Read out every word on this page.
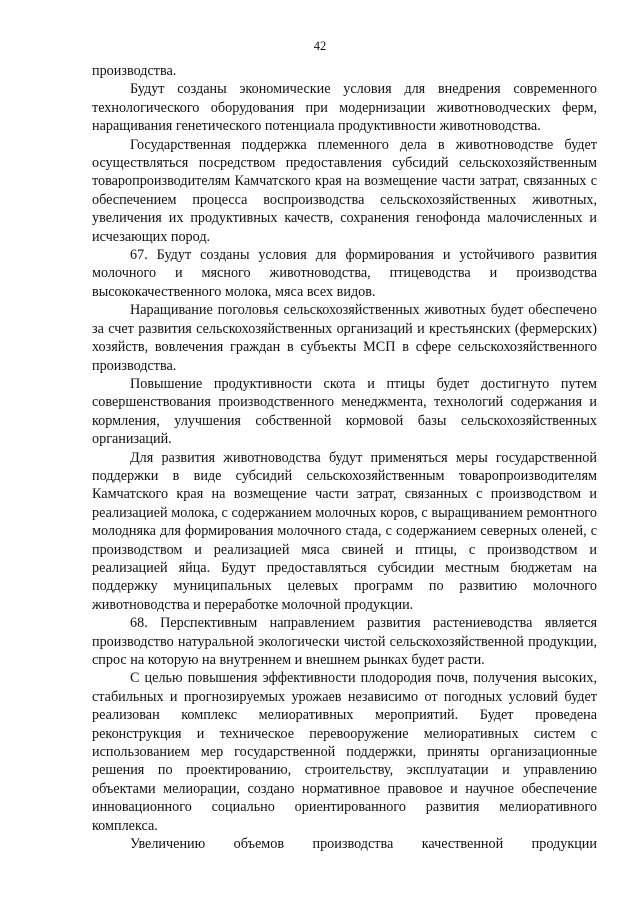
42

производства.

Будут созданы экономические условия для внедрения современного технологического оборудования при модернизации животноводческих ферм, наращивания генетического потенциала продуктивности животноводства.

Государственная поддержка племенного дела в животноводстве будет осуществляться посредством предоставления субсидий сельскохозяйственным товаропроизводителям Камчатского края на возмещение части затрат, связанных с обеспечением процесса воспроизводства сельскохозяйственных животных, увеличения их продуктивных качеств, сохранения генофонда малочисленных и исчезающих пород.

67. Будут созданы условия для формирования и устойчивого развития молочного и мясного животноводства, птицеводства и производства высококачественного молока, мяса всех видов.

Наращивание поголовья сельскохозяйственных животных будет обеспечено за счет развития сельскохозяйственных организаций и крестьянских (фермерских) хозяйств, вовлечения граждан в субъекты МСП в сфере сельскохозяйственного производства.

Повышение продуктивности скота и птицы будет достигнуто путем совершенствования производственного менеджмента, технологий содержания и кормления, улучшения собственной кормовой базы сельскохозяйственных организаций.

Для развития животноводства будут применяться меры государственной поддержки в виде субсидий сельскохозяйственным товаропроизводителям Камчатского края на возмещение части затрат, связанных с производством и реализацией молока, с содержанием молочных коров, с выращиванием ремонтного молодняка для формирования молочного стада, с содержанием северных оленей, с производством и реализацией мяса свиней и птицы, с производством и реализацией яйца. Будут предоставляться субсидии местным бюджетам на поддержку муниципальных целевых программ по развитию молочного животноводства и переработке молочной продукции.

68. Перспективным направлением развития растениеводства является производство натуральной экологически чистой сельскохозяйственной продукции, спрос на которую на внутреннем и внешнем рынках будет расти.

С целью повышения эффективности плодородия почв, получения высоких, стабильных и прогнозируемых урожаев независимо от погодных условий будет реализован комплекс мелиоративных мероприятий. Будет проведена реконструкция и техническое перевооружение мелиоративных систем с использованием мер государственной поддержки, приняты организационные решения по проектированию, строительству, эксплуатации и управлению объектами мелиорации, создано нормативное правовое и научное обеспечение инновационного социально ориентированного развития мелиоративного комплекса.

Увеличению объемов производства качественной продукции
